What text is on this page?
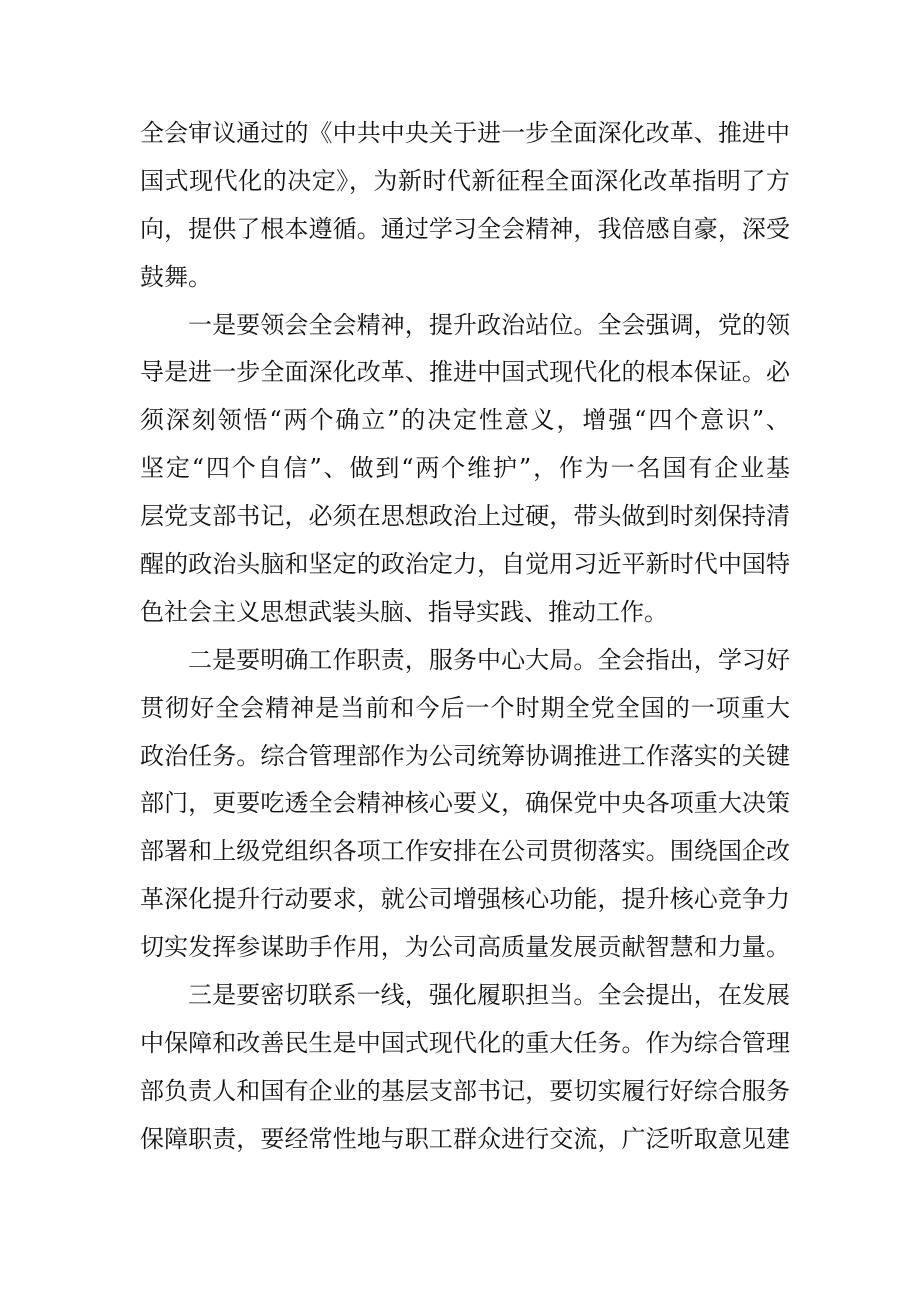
全会审议通过的《中共中央关于进一步全面深化改革、推进中
国式现代化的决定》，为新时代新征程全面深化改革指明了方
向，提供了根本遵循。通过学习全会精神，我倍感自豪，深受
鼓舞。
一是要领会全会精神，提升政治站位。全会强调，党的领
导是进一步全面深化改革、推进中国式现代化的根本保证。必
须深刻领悟“两个确立”的决定性意义，增强“四个意识”、
坚定“四个自信”、做到“两个维护”，作为一名国有企业基
层党支部书记，必须在思想政治上过硬，带头做到时刻保持清
醒的政治头脑和坚定的政治定力，自觉用习近平新时代中国特
色社会主义思想武装头脑、指导实践、推动工作。
二是要明确工作职责，服务中心大局。全会指出，学习好
贯彻好全会精神是当前和今后一个时期全党全国的一项重大
政治任务。综合管理部作为公司统筹协调推进工作落实的关键
部门，更要吃透全会精神核心要义，确保党中央各项重大决策
部署和上级党组织各项工作安排在公司贯彻落实。围绕国企改
革深化提升行动要求，就公司增强核心功能，提升核心竞争力
切实发挥参谋助手作用，为公司高质量发展贡献智慧和力量。
三是要密切联系一线，强化履职担当。全会提出，在发展
中保障和改善民生是中国式现代化的重大任务。作为综合管理
部负责人和国有企业的基层支部书记，要切实履行好综合服务
保障职责，要经常性地与职工群众进行交流，广泛听取意见建
